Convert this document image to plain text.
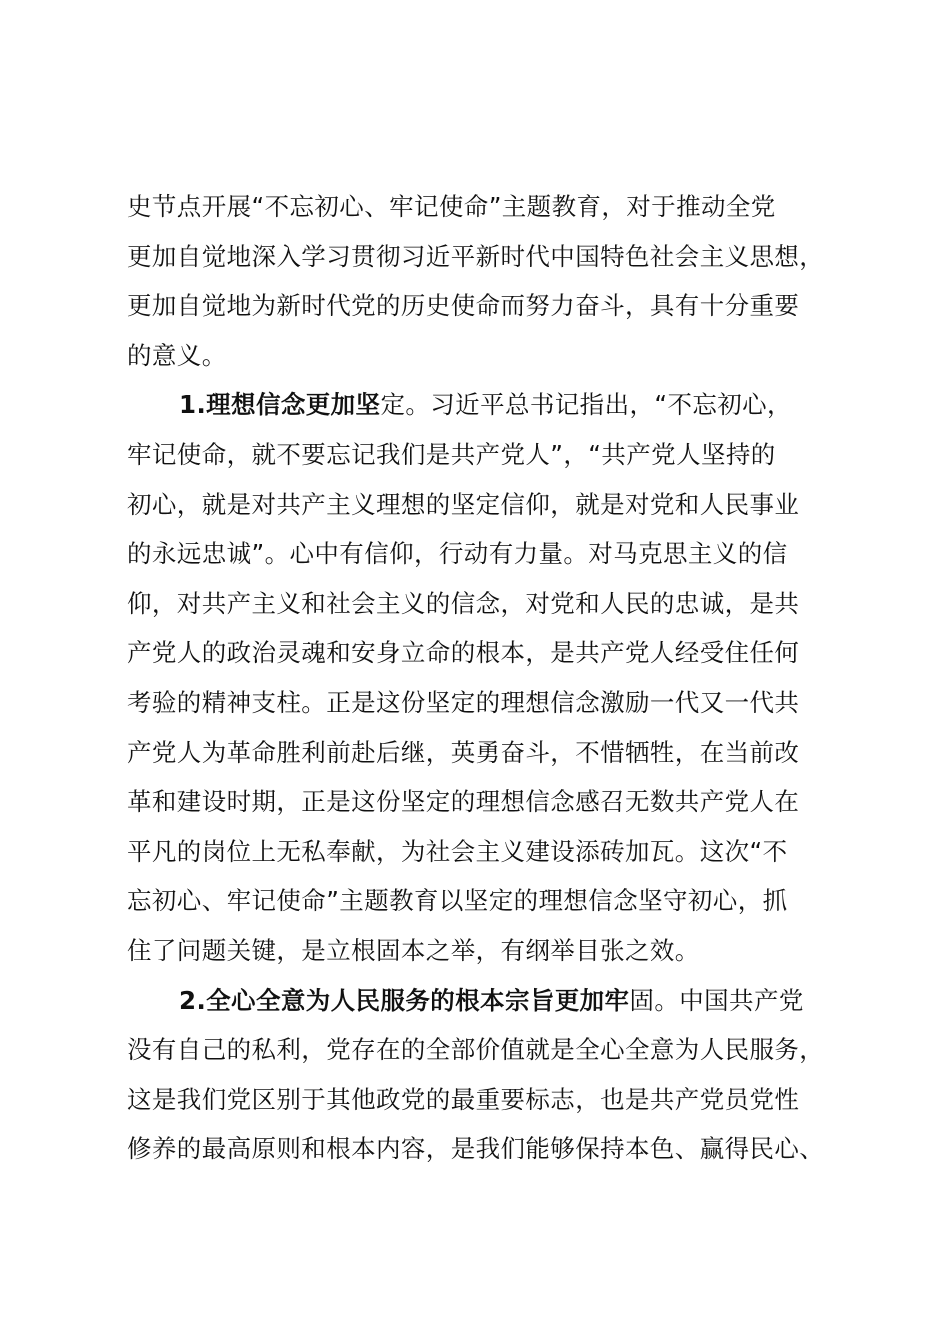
史节点开展“不忘初心、牢记使命”主题教育，对于推动全党
更加自觉地深入学习贯彻习近平新时代中国特色社会主义思想，
更加自觉地为新时代党的历史使命而努力奋斗，具有十分重要
的意义。
1.理想信念更加坚定。习近平总书记指出，“不忘初心，
牢记使命，就不要忘记我们是共产党人”，“共产党人坚持的
初心，就是对共产主义理想的坚定信仰，就是对党和人民事业
的永远忠诚”。心中有信仰，行动有力量。对马克思主义的信
仰，对共产主义和社会主义的信念，对党和人民的忠诚，是共
产党人的政治灵魂和安身立命的根本，是共产党人经受住任何
考验的精神支柱。正是这份坚定的理想信念激励一代又一代共
产党人为革命胜利前赴后继，英勇奋斗，不惜牺牲，在当前改
革和建设时期，正是这份坚定的理想信念感召无数共产党人在
平凡的岗位上无私奉献，为社会主义建设添砖加瓦。这次“不
忘初心、牢记使命”主题教育以坚定的理想信念坚守初心，抓
住了问题关键，是立根固本之举，有纲举目张之效。
2.全心全意为人民服务的根本宗旨更加牢固。中国共产党
没有自己的私利，党存在的全部价值就是全心全意为人民服务，
这是我们党区别于其他政党的最重要标志，也是共产党员党性
修养的最高原则和根本内容，是我们能够保持本色、赢得民心、
